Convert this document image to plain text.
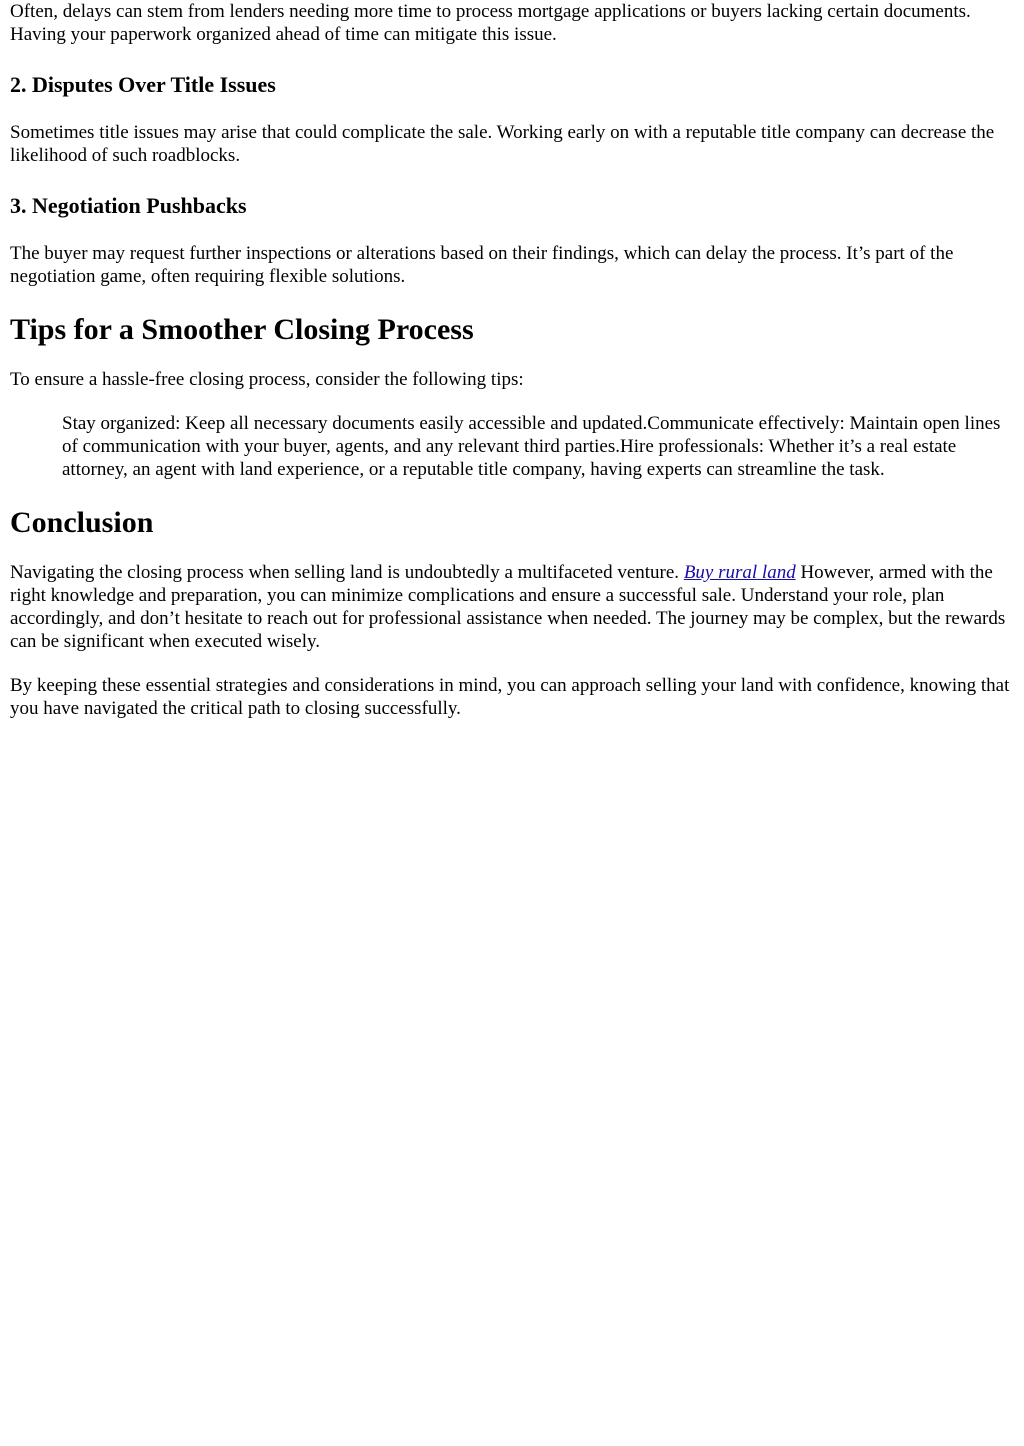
Often, delays can stem from lenders needing more time to process mortgage applications or buyers lacking certain documents. Having your paperwork organized ahead of time can mitigate this issue.

2. Disputes Over Title Issues

Sometimes title issues may arise that could complicate the sale. Working early on with a reputable title company can decrease the likelihood of such roadblocks.

3. Negotiation Pushbacks

The buyer may request further inspections or alterations based on their findings, which can delay the process. It’s part of the negotiation game, often requiring flexible solutions.

Tips for a Smoother Closing Process

To ensure a hassle-free closing process, consider the following tips:

Stay organized: Keep all necessary documents easily accessible and updated.Communicate effectively: Maintain open lines of communication with your buyer, agents, and any relevant third parties.Hire professionals: Whether it’s a real estate attorney, an agent with land experience, or a reputable title company, having experts can streamline the task.
Conclusion

Navigating the closing process when selling land is undoubtedly a multifaceted venture. Buy rural land However, armed with the right knowledge and preparation, you can minimize complications and ensure a successful sale. Understand your role, plan accordingly, and don’t hesitate to reach out for professional assistance when needed. The journey may be complex, but the rewards can be significant when executed wisely.

By keeping these essential strategies and considerations in mind, you can approach selling your land with confidence, knowing that you have navigated the critical path to closing successfully.
